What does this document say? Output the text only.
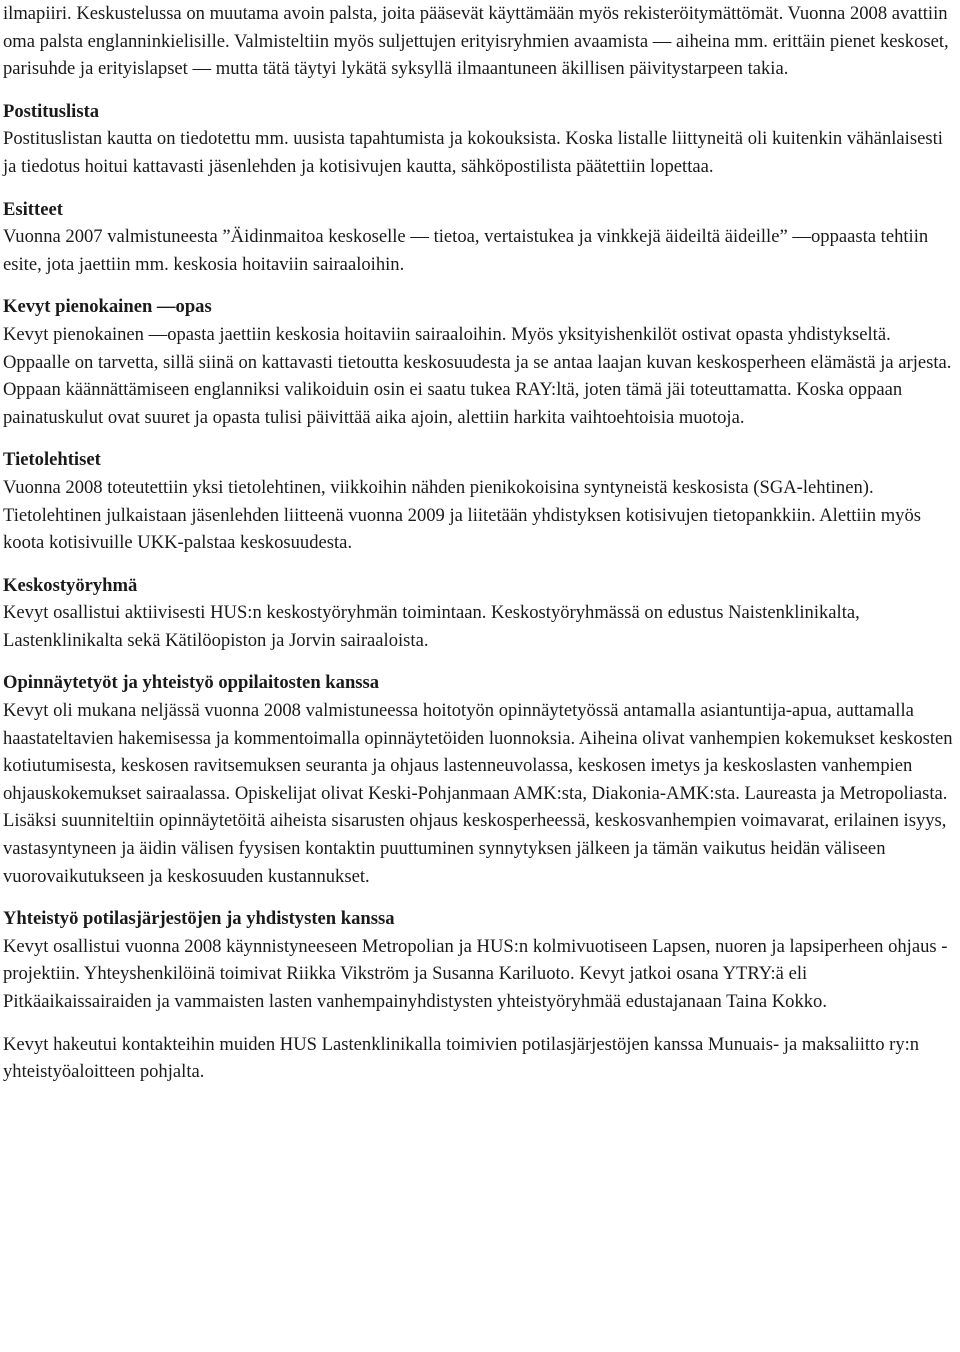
ilmapiiri. Keskustelussa on muutama avoin palsta, joita pääsevät käyttämään myös rekisteröitymättömät. Vuonna 2008 avattiin oma palsta englanninkielisille. Valmisteltiin myös suljettujen erityisryhmien avaamista — aiheina mm. erittäin pienet keskoset, parisuhde ja erityislapset — mutta tätä täytyi lykätä syksyllä ilmaantuneen äkillisen päivitystarpeen takia.

Postituslista
Postituslistan kautta on tiedotettu mm. uusista tapahtumista ja kokouksista. Koska listalle liittyneitä oli kuitenkin vähänlaisesti ja tiedotus hoitui kattavasti jäsenlehden ja kotisivujen kautta, sähköpostilista päätettiin lopettaa.
Esitteet
Vuonna 2007 valmistuneesta ”Äidinmaitoa keskoselle — tietoa, vertaistukea ja vinkkejä äideiltä äideille” —oppaasta tehtiin esite, jota jaettiin mm. keskosia hoitaviin sairaaloihin.
Kevyt pienokainen —opas
Kevyt pienokainen —opasta jaettiin keskosia hoitaviin sairaaloihin. Myös yksityishenkilöt ostivat opasta yhdistykseltä. Oppaalle on tarvetta, sillä siinä on kattavasti tietoutta keskosuudesta ja se antaa laajan kuvan keskosperheen elämästä ja arjesta. Oppaan käännättämiseen englanniksi valikoiduin osin ei saatu tukea RAY:ltä, joten tämä jäi toteuttamatta. Koska oppaan painatuskulut ovat suuret ja opasta tulisi päivittää aika ajoin, alettiin harkita vaihtoehtoisia muotoja.
Tietolehtiset
Vuonna 2008 toteutettiin yksi tietolehtinen, viikkoihin nähden pienikokoisina syntyneistä keskosista (SGA-lehtinen). Tietolehtinen julkaistaan jäsenlehden liitteenä vuonna 2009 ja liitetään yhdistyksen kotisivujen tietopankkiin. Alettiin myös koota kotisivuille UKK-palstaa keskosuudesta.
Keskostyöryhmä
Kevyt osallistui aktiivisesti HUS:n keskostyöryhmän toimintaan. Keskostyöryhmässä on edustus Naistenklinikalta, Lastenklinikalta sekä Kätilöopiston ja Jorvin sairaaloista.
Opinnäytetyöt ja yhteistyö oppilaitosten kanssa
Kevyt oli mukana neljässä vuonna 2008 valmistuneessa hoitotyön opinnäytetyössä antamalla asiantuntija-apua, auttamalla haastateltavien hakemisessa ja kommentoimalla opinnäytetöiden luonnoksia. Aiheina olivat vanhempien kokemukset keskosten kotiutumisesta, keskosen ravitsemuksen seuranta ja ohjaus lastenneuvolassa, keskosen imetys ja keskoslasten vanhempien ohjauskokemukset sairaalassa. Opiskelijat olivat Keski-Pohjanmaan AMK:sta, Diakonia-AMK:sta. Laureasta ja Metropoliasta. Lisäksi suunniteltiin opinnäytetöitä aiheista sisarusten ohjaus keskosperheessä, keskosvanhempien voimavarat, erilainen isyys, vastasyntyneen ja äidin välisen fyysisen kontaktin puuttuminen synnytyksen jälkeen ja tämän vaikutus heidän väliseen vuorovaikutukseen ja keskosuuden kustannukset.
Yhteistyö potilasjärjestöjen ja yhdistysten kanssa
Kevyt osallistui vuonna 2008 käynnistyneeseen Metropolian ja HUS:n kolmivuotiseen Lapsen, nuoren ja lapsiperheen ohjaus -projektiin. Yhteyshenkilöinä toimivat Riikka Vikström ja Susanna Kariluoto. Kevyt jatkoi osana YTRY:ä eli Pitkäaikaissairaiden ja vammaisten lasten vanhempainyhdistysten yhteistyöryhmää edustajanaan Taina Kokko.

Kevyt hakeutui kontakteihin muiden HUS Lastenklinikalla toimivien potilasjärjestöjen kanssa Munuais- ja maksaliitto ry:n yhteistyöaloitteen pohjalta.
